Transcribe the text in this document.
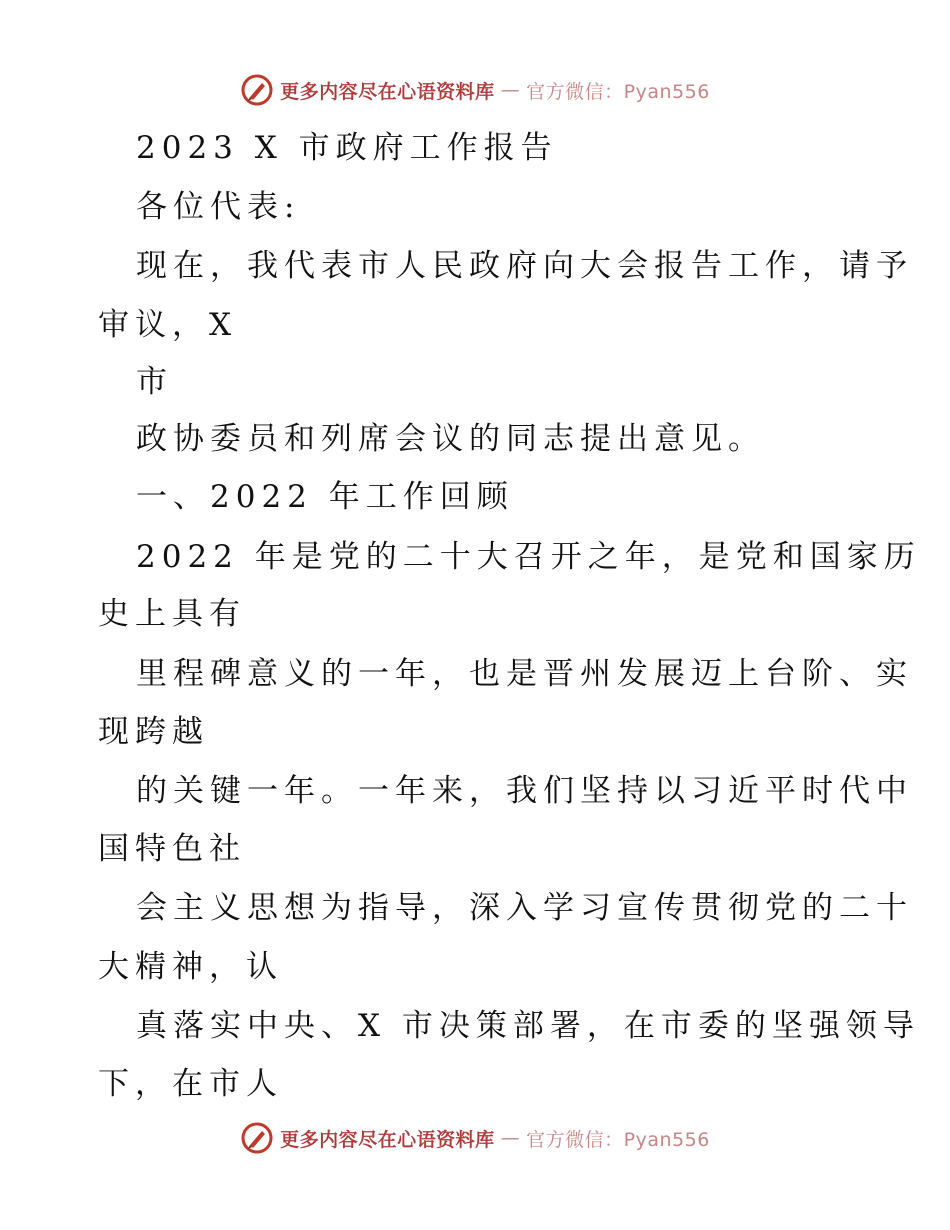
更多内容尽在心语资料库 — 官方微信：Pyan556
2023 X 市政府工作报告
各位代表:
现在，我代表市人民政府向大会报告工作，请予
审议，X
市
政协委员和列席会议的同志提出意见。
一、2022 年工作回顾
2022 年是党的二十大召开之年，是党和国家历
史上具有
里程碑意义的一年，也是晋州发展迈上台阶、实
现跨越
的关键一年。一年来，我们坚持以习近平时代中
国特色社
会主义思想为指导，深入学习宣传贯彻党的二十
大精神，认
真落实中央、X 市决策部署，在市委的坚强领导
下，在市人
更多内容尽在心语资料库 — 官方微信：Pyan556
